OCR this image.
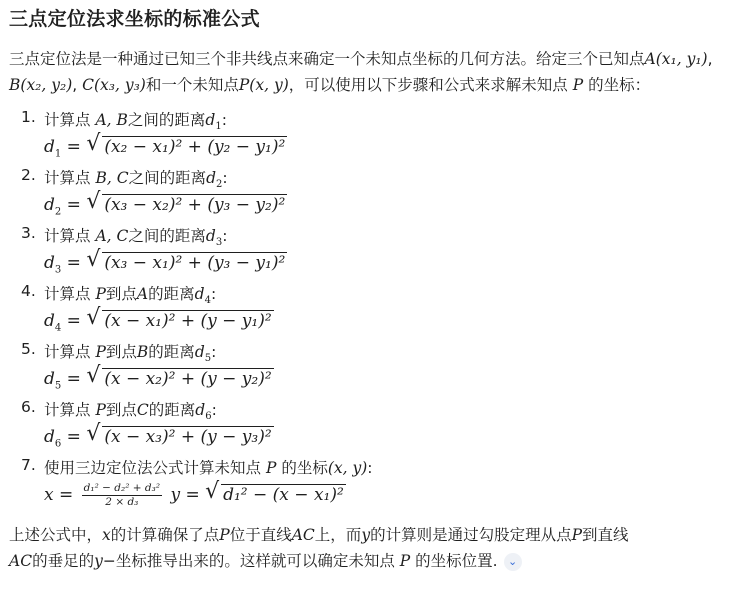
三点定位法求坐标的标准公式
三点定位法是一种通过已知三个非共线点来确定一个未知点坐标的几何方法。给定三个已知点A(x₁, y₁), B(x₂, y₂), C(x₃, y₃)和一个未知点P(x, y)，可以使用以下步骤和公式来求解未知点 P 的坐标：
1. 计算点 A, B之间的距离$d_1$:
$d_1$ = √ (x₂ − x₁)² + (y₂ − y₁)²
2. 计算点 B, C之间的距离$d_2$:
$d_2$ = √ (x₃ − x₂)² + (y₃ − y₂)²
3. 计算点 A, C之间的距离$d_3$:
$d_3$ = √ (x₃ − x₁)² + (y₃ − y₁)²
4. 计算点 P到点A的距离$d_4$:
$d_4$ = √ (x − x₁)² + (y − y₁)²
5. 计算点 P到点B的距离$d_5$:
$d_5$ = √ (x − x₂)² + (y − y₂)²
6. 计算点 P到点C的距离$d_6$:
$d_6$ = √ (x − x₃)² + (y − y₃)²
7. 使用三边定位法公式计算未知点 P 的坐标(x, y):
$x = \frac{\text{d₁² − d₂² + d₃²}}{\text{2 × d₃}}$ y = √ d₁² − (x − x₁)²
上述公式中，x的计算确保了点P位于直线AC上，而y的计算则是通过勾股定理从点P到直线
AC的垂足的y−坐标推导出来的。这样就可以确定未知点 P 的坐标位置. ⌄
